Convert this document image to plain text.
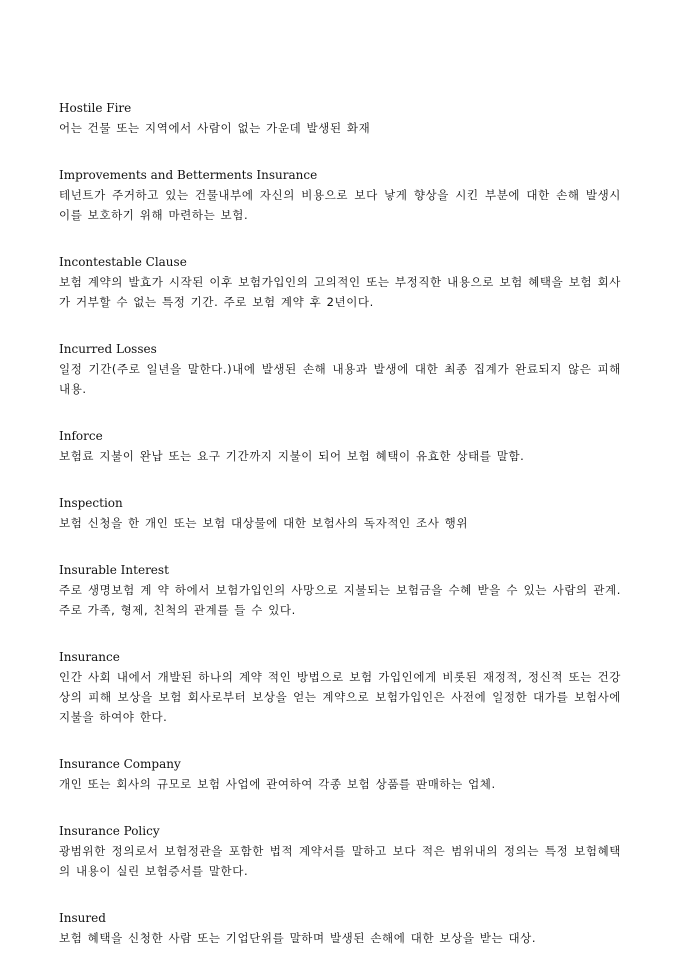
Hostile Fire
어는 건물 또는 지역에서 사람이 없는 가운데 발생된 화재
Improvements and Betterments Insurance
테넌트가 주거하고 있는 건물내부에 자신의 비용으로 보다 낳게 향상을 시킨 부분에 대한 손해 발생시 이를 보호하기 위해 마련하는 보험.
Incontestable Clause
보험 계약의 발효가 시작된 이후 보험가입인의 고의적인 또는 부정직한 내용으로 보험 혜택을 보험 회사가 거부할 수 없는 특정 기간. 주로 보험 계약 후 2년이다.
Incurred Losses
일정 기간(주로 일년을 말한다.)내에 발생된 손해 내용과 발생에 대한 최종 집계가 완료되지 않은 피해 내용.
Inforce
보험료 지불이 완납 또는 요구 기간까지 지불이 되어 보험 혜택이 유효한 상태를 말함.
Inspection
보험 신청을 한 개인 또는 보험 대상물에 대한 보험사의 독자적인 조사 행위
Insurable Interest
주로 생명보험 계 약 하에서 보험가입인의 사망으로 지불되는 보험금을 수혜 받을 수 있는 사람의 관계. 주로 가족, 형제, 친척의 관계를 들 수 있다.
Insurance
인간 사회 내에서 개발된 하나의 계약 적인 방법으로 보험 가입인에게 비롯된 재정적, 정신적 또는 건강상의 피해 보상을 보험 회사로부터 보상을 얻는 계약으로 보험가입인은 사전에 일정한 대가를 보험사에 지불을 하여야 한다.
Insurance Company
개인 또는 회사의 규모로 보험 사업에 관여하여 각종 보험 상품를 판매하는 업체.
Insurance Policy
광범위한 정의로서 보험정관을 포함한 법적 계약서를 말하고 보다 적은 범위내의 정의는 특정 보험혜택의 내용이 실린 보험증서를 말한다.
Insured
보험 혜택을 신청한 사람 또는 기업단위를 말하며 발생된 손해에 대한 보상을 받는 대상.
